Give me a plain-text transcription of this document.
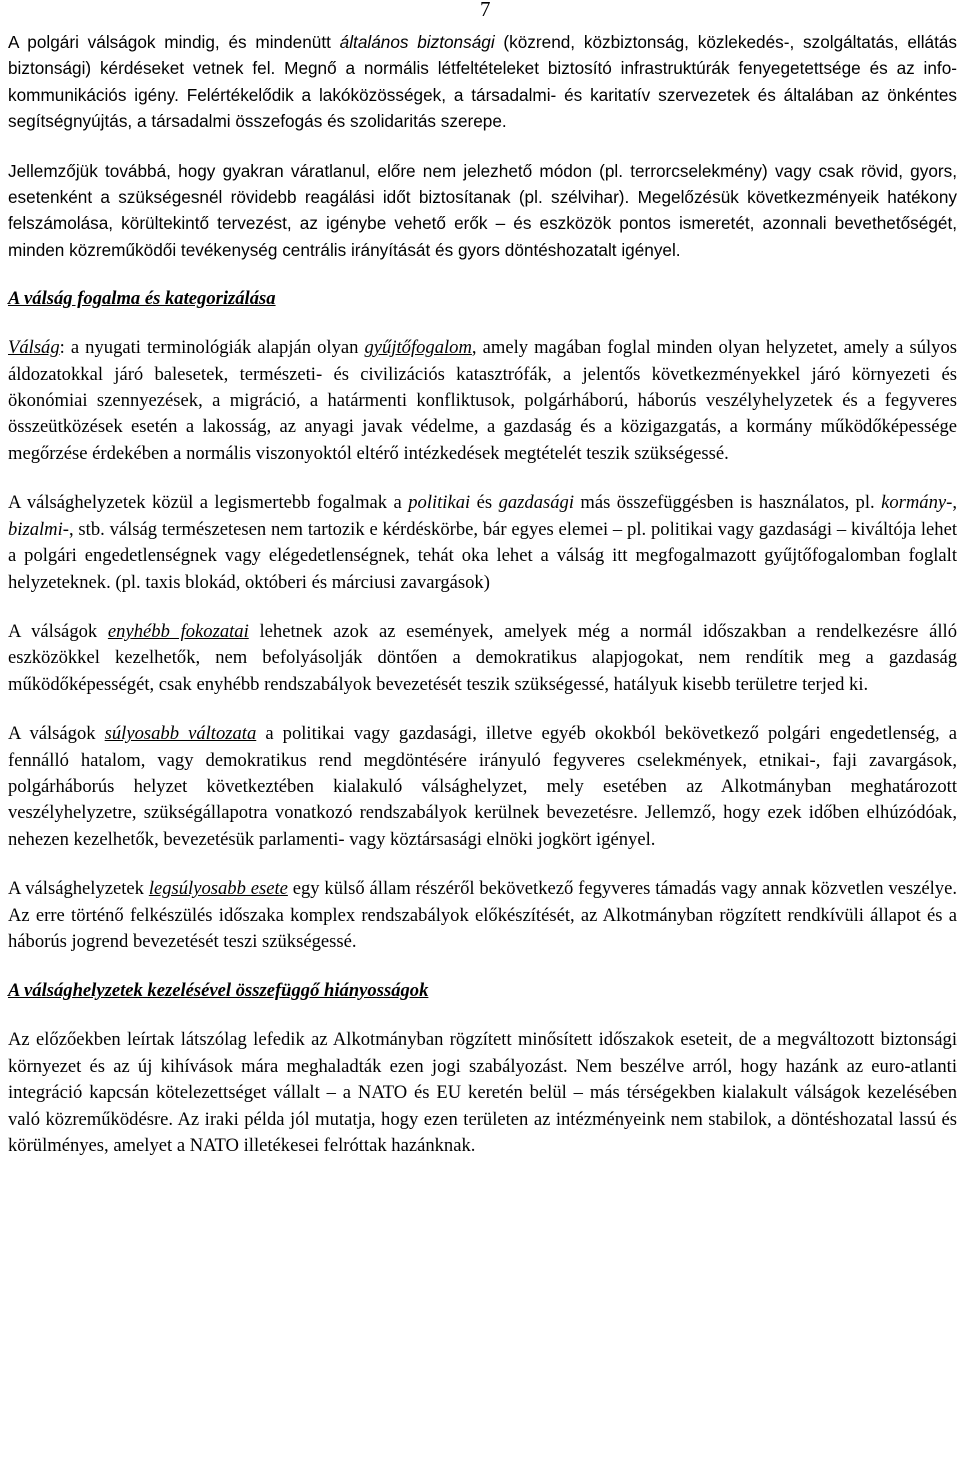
7

A polgári válságok mindig, és mindenütt általános biztonsági (közrend, közbiztonság, közlekedés-, szolgáltatás, ellátás biztonsági) kérdéseket vetnek fel. Megnő a normális létfeltételeket biztosító infrastruktúrák fenyegetettsége és az info-kommunikációs igény. Felértékelődik a lakóközösségek, a társadalmi- és karitatív szervezetek és általában az önkéntes segítségnyújtás, a társadalmi összefogás és szolidaritás szerepe.

Jellemzőjük továbbá, hogy gyakran váratlanul, előre nem jelezhető módon (pl. terrorcselekmény) vagy csak rövid, gyors, esetenként a szükségesnél rövidebb reagálási időt biztosítanak (pl. szélvihar). Megelőzésük következményeik hatékony felszámolása, körültekintő tervezést, az igénybe vehető erők – és eszközök pontos ismeretét, azonnali bevethetőségét, minden közreműködői tevékenység centrális irányítását és gyors döntéshozatalt igényel.

A válság fogalma és kategorizálása

Válság: a nyugati terminológiák alapján olyan gyűjtőfogalom, amely magában foglal minden olyan helyzetet, amely a súlyos áldozatokkal járó balesetek, természeti- és civilizációs katasztrófák, a jelentős következményekkel járó környezeti és ökonómiai szennyezések, a migráció, a határmenti konfliktusok, polgárháború, háborús veszélyhelyzetek és a fegyveres összeütközések esetén a lakosság, az anyagi javak védelme, a gazdaság és a közigazgatás, a kormány működőképessége megőrzése érdekében a normális viszonyoktól eltérő intézkedések megtételét teszik szükségessé.

A válsághelyzetek közül a legismertebb fogalmak a politikai és gazdasági más összefüggésben is használatos, pl. kormány-, bizalmi-, stb. válság természetesen nem tartozik e kérdéskörbe, bár egyes elemei – pl. politikai vagy gazdasági – kiváltója lehet a polgári engedetlenségnek vagy elégedetlenségnek, tehát oka lehet a válság itt megfogalmazott gyűjtőfogalomban foglalt helyzeteknek. (pl. taxis blokád, októberi és márciusi zavargások)

A válságok enyhébb fokozatai lehetnek azok az események, amelyek még a normál időszakban a rendelkezésre álló eszközökkel kezelhetők, nem befolyásolják döntően a demokratikus alapjogokat, nem rendítik meg a gazdaság működőképességét, csak enyhébb rendszabályok bevezetését teszik szükségessé, hatályuk kisebb területre terjed ki.

A válságok súlyosabb változata a politikai vagy gazdasági, illetve egyéb okokból bekövetkező polgári engedetlenség, a fennálló hatalom, vagy demokratikus rend megdöntésére irányuló fegyveres cselekmények, etnikai-, faji zavargások, polgárháborús helyzet következtében kialakuló válsághelyzet, mely esetében az Alkotmányban meghatározott veszélyhelyzetre, szükségállapotra vonatkozó rendszabályok kerülnek bevezetésre. Jellemző, hogy ezek időben elhúzódóak, nehezen kezelhetők, bevezetésük parlamenti- vagy köztársasági elnöki jogkört igényel.

A válsághelyzetek legsúlyosabb esete egy külső állam részéről bekövetkező fegyveres támadás vagy annak közvetlen veszélye. Az erre történő felkészülés időszaka komplex rendszabályok előkészítését, az Alkotmányban rögzített rendkívüli állapot és a háborús jogrend bevezetését teszi szükségessé.

A válsághelyzetek kezelésével összefüggő hiányosságok

Az előzőekben leírtak látszólag lefedik az Alkotmányban rögzített minősített időszakok eseteit, de a megváltozott biztonsági környezet és az új kihívások mára meghaladták ezen jogi szabályozást. Nem beszélve arról, hogy hazánk az euro-atlanti integráció kapcsán kötelezettséget vállalt – a NATO és EU keretén belül – más térségekben kialakult válságok kezelésében való közreműködésre. Az iraki példa jól mutatja, hogy ezen területen az intézményeink nem stabilok, a döntéshozatal lassú és körülményes, amelyet a NATO illetékesei felróttak hazánknak.
